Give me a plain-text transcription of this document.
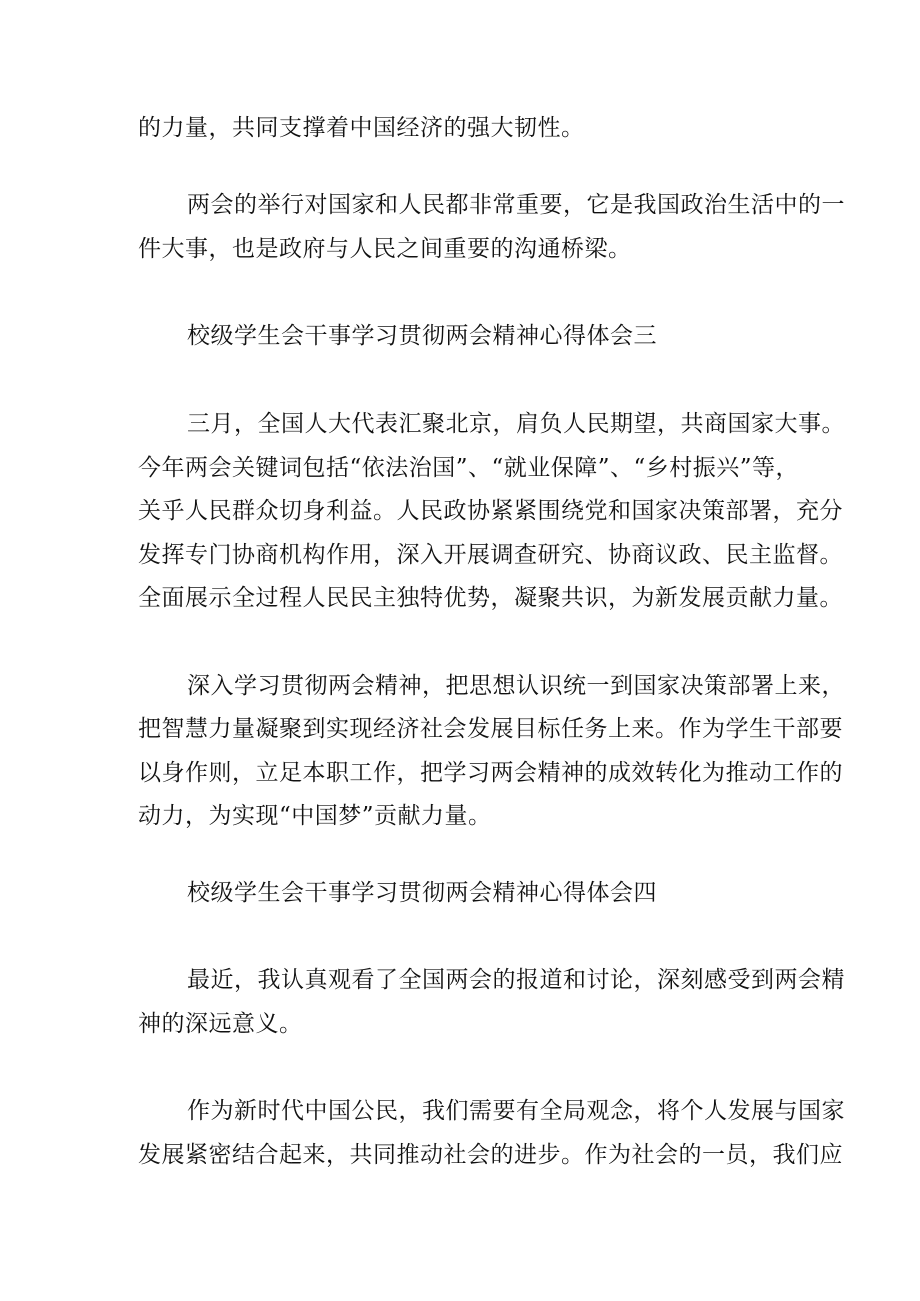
的力量，共同支撑着中国经济的强大韧性。
两会的举行对国家和人民都非常重要，它是我国政治生活中的一
件大事，也是政府与人民之间重要的沟通桥梁。
校级学生会干事学习贯彻两会精神心得体会三
三月，全国人大代表汇聚北京，肩负人民期望，共商国家大事。
今年两会关键词包括“依法治国”、“就业保障”、“乡村振兴”等，
关乎人民群众切身利益。人民政协紧紧围绕党和国家决策部署，充分
发挥专门协商机构作用，深入开展调查研究、协商议政、民主监督。
全面展示全过程人民民主独特优势，凝聚共识，为新发展贡献力量。
深入学习贯彻两会精神，把思想认识统一到国家决策部署上来，
把智慧力量凝聚到实现经济社会发展目标任务上来。作为学生干部要
以身作则，立足本职工作，把学习两会精神的成效转化为推动工作的
动力，为实现“中国梦”贡献力量。
校级学生会干事学习贯彻两会精神心得体会四
最近，我认真观看了全国两会的报道和讨论，深刻感受到两会精
神的深远意义。
作为新时代中国公民，我们需要有全局观念，将个人发展与国家
发展紧密结合起来，共同推动社会的进步。作为社会的一员，我们应
